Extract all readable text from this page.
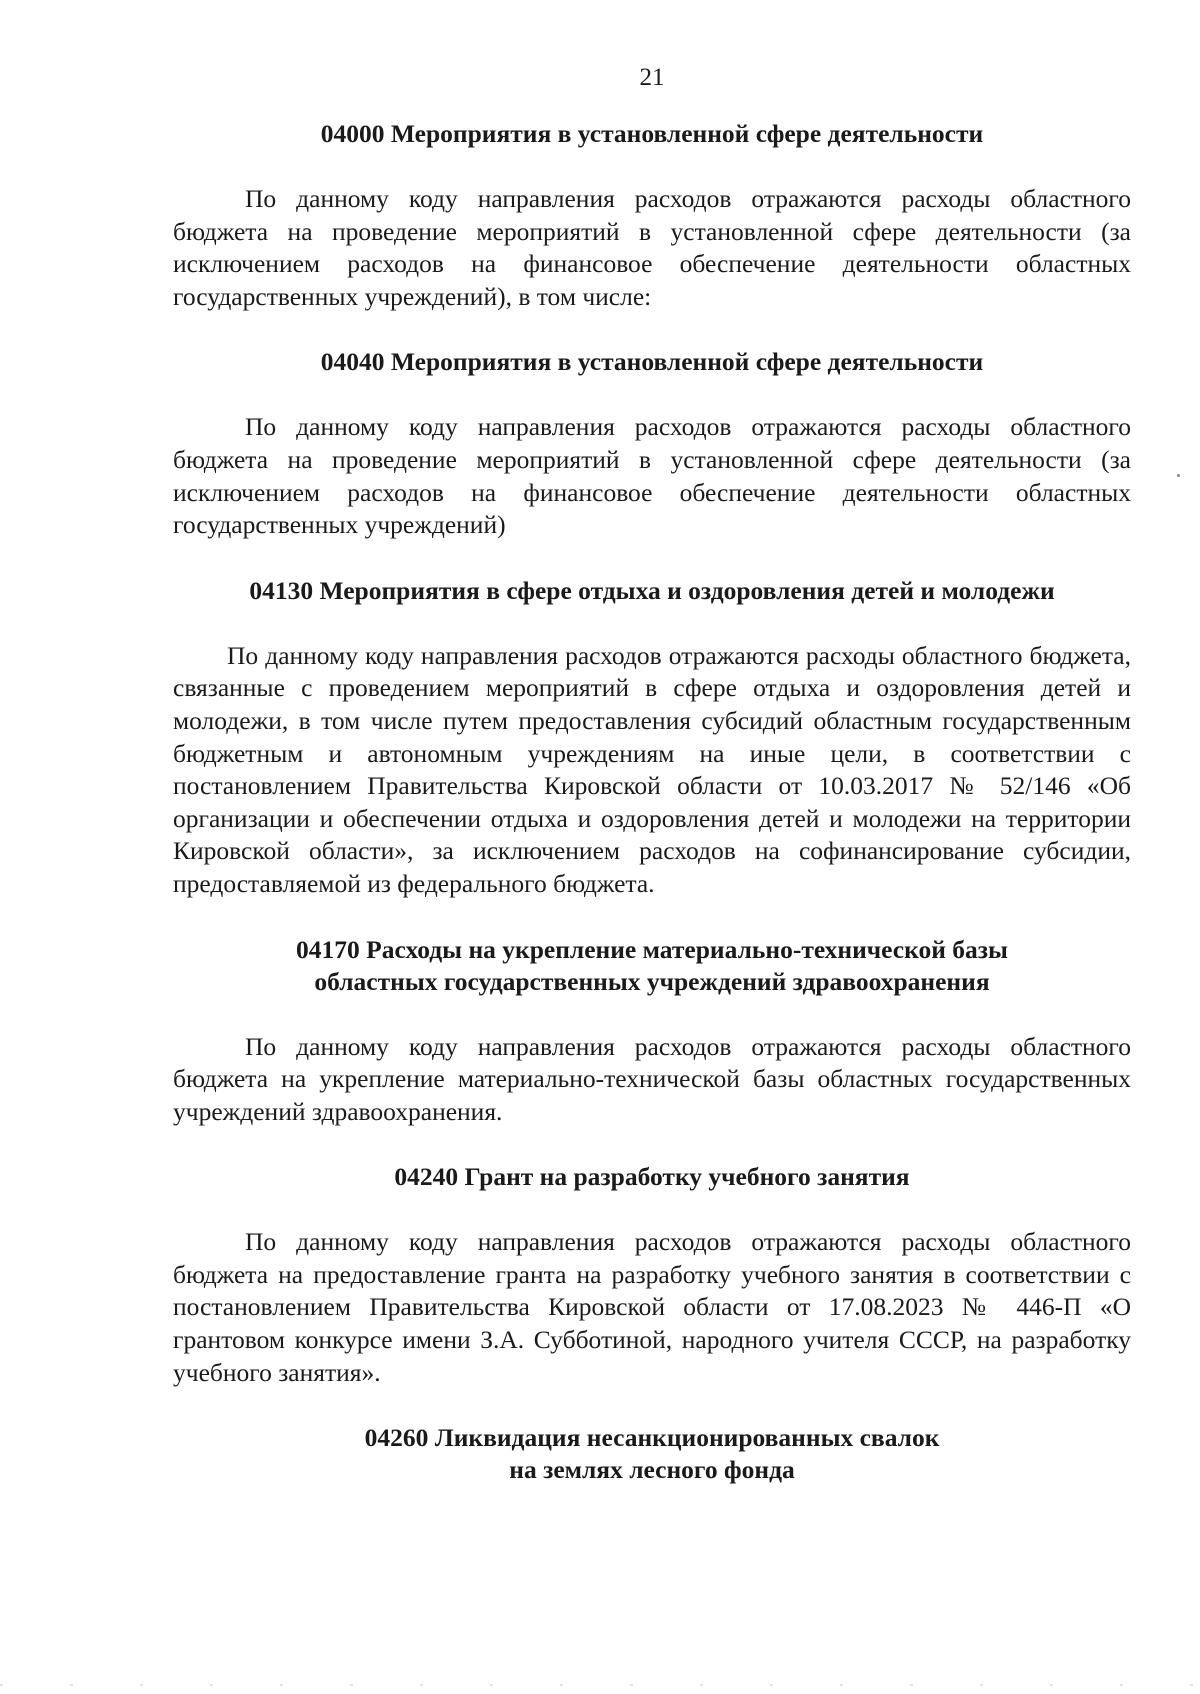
21
04000 Мероприятия в установленной сфере деятельности

По данному коду направления расходов отражаются расходы областного бюджета на проведение мероприятий в установленной сфере деятельности (за исключением расходов на финансовое обеспечение деятельности областных государственных учреждений), в том числе:

04040 Мероприятия в установленной сфере деятельности

По данному коду направления расходов отражаются расходы областного бюджета на проведение мероприятий в установленной сфере деятельности (за исключением расходов на финансовое обеспечение деятельности областных государственных учреждений)

04130 Мероприятия в сфере отдыха и оздоровления детей и молодежи

По данному коду направления расходов отражаются расходы областного бюджета, связанные с проведением мероприятий в сфере отдыха и оздоровления детей и молодежи, в том числе путем предоставления субсидий областным государственным бюджетным и автономным учреждениям на иные цели, в соответствии с постановлением Правительства Кировской области от 10.03.2017 № 52/146 «Об организации и обеспечении отдыха и оздоровления детей и молодежи на территории Кировской области», за исключением расходов на софинансирование субсидии, предоставляемой из федерального бюджета.

04170 Расходы на укрепление материально-технической базы
областных государственных учреждений здравоохранения

По данному коду направления расходов отражаются расходы областного бюджета на укрепление материально-технической базы областных государственных учреждений здравоохранения.

04240 Грант на разработку учебного занятия

По данному коду направления расходов отражаются расходы областного бюджета на предоставление гранта на разработку учебного занятия в соответствии с постановлением Правительства Кировской области от 17.08.2023 № 446-П «О грантовом конкурсе имени З.А. Субботиной, народного учителя СССР, на разработку учебного занятия».

04260 Ликвидация несанкционированных свалок
на землях лесного фонда
